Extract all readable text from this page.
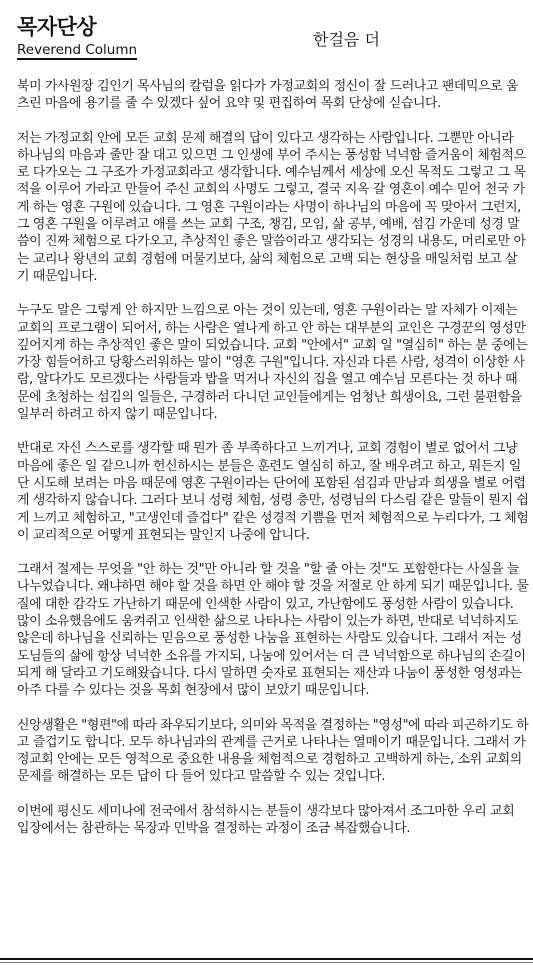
목자단상
Reverend Column
한걸음 더

북미 가사원장 김인기 목사님의 칼럼을 읽다가 가정교회의 정신이 잘 드러나고 팬데믹으로 움츠린 마음에 용기를 줄 수 있겠다 싶어 요약 및 편집하여 목회 단상에 싣습니다.

저는 가정교회 안에 모든 교회 문제 해결의 답이 있다고 생각하는 사람입니다. 그뿐만 아니라 하나님의 마음과 줄만 잘 대고 있으면 그 인생에 부어 주시는 풍성함 넉넉함 즐거움이 체험적으로 다가오는 그 구조가 가정교회라고 생각합니다. 예수님께서 세상에 오신 목적도 그렇고 그 목적을 이루어 가라고 만들어 주신 교회의 사명도 그렇고, 결국 지옥 갈 영혼이 예수 믿어 천국 가게 하는 영혼 구원에 있습니다. 그 영혼 구원이라는 사명이 하나님의 마음에 꼭 맞아서 그런지, 그 영혼 구원을 이루려고 애를 쓰는 교회 구조, 챙김, 모임, 삶 공부, 예배, 섬김 가운데 성경 말씀이 진짜 체험으로 다가오고, 추상적인 좋은 말씀이라고 생각되는 성경의 내용도, 머리로만 아는 교리나 왕년의 교회 경험에 머물기보다, 삶의 체험으로 고백 되는 현상을 매일처럼 보고 살기 때문입니다.

누구도 말은 그렇게 안 하지만 느낌으로 아는 것이 있는데, 영혼 구원이라는 말 자체가 이제는 교회의 프로그램이 되어서, 하는 사람은 열나게 하고 안 하는 대부분의 교인은 구경꾼의 영성만 깊어지게 하는 추상적인 좋은 말이 되었습니다. 교회 "안에서" 교회 일 "열심히" 하는 분 중에는 가장 힘들어하고 당황스러워하는 말이 "영혼 구원"입니다. 자신과 다른 사람, 성격이 이상한 사람, 알다가도 모르겠다는 사람들과 밥을 먹거나 자신의 집을 열고 예수님 모른다는 것 하나 때문에 초청하는 섬김의 일들은, 구경하러 다니던 교인들에게는 엄청난 희생이요, 그런 불편함을 일부러 하려고 하지 않기 때문입니다.

반대로 자신 스스로를 생각할 때 뭔가 좀 부족하다고 느끼거나, 교회 경험이 별로 없어서 그냥 마음에 좋은 일 같으니까 헌신하시는 분들은 훈련도 열심히 하고, 잘 배우려고 하고, 뭐든지 일단 시도해 보려는 마음 때문에 영혼 구원이라는 단어에 포함된 섬김과 만남과 희생을 별로 어렵게 생각하지 않습니다. 그러다 보니 성령 체험, 성령 충만, 성령님의 다스림 같은 말들이 뭔지 쉽게 느끼고 체험하고, "고생인데 즐겁다" 같은 성경적 기쁨을 먼저 체험적으로 누리다가, 그 체험이 교리적으로 어떻게 표현되는 말인지 나중에 압니다.

그래서 절제는 무엇을 "안 하는 것"만 아니라 할 것을 "할 줄 아는 것"도 포함한다는 사실을 늘 나누었습니다. 왜냐하면 해야 할 것을 하면 안 해야 할 것을 저절로 안 하게 되기 때문입니다. 물질에 대한 감각도 가난하기 때문에 인색한 사람이 있고, 가난함에도 풍성한 사람이 있습니다. 많이 소유했음에도 움켜쥐고 인색한 삶으로 나타나는 사람이 있는가 하면, 반대로 넉넉하지도 않은데 하나님을 신뢰하는 믿음으로 풍성한 나눔을 표현하는 사람도 있습니다. 그래서 저는 성도님들의 삶에 항상 넉넉한 소유를 가지되, 나눔에 있어서는 더 큰 넉넉함으로 하나님의 손길이 되게 해 달라고 기도해왔습니다. 다시 말하면 숫자로 표현되는 재산과 나눔이 풍성한 영성과는 아주 다를 수 있다는 것을 목회 현장에서 많이 보았기 때문입니다.

신앙생활은 "형편"에 따라 좌우되기보다, 의미와 목적을 결정하는 "영성"에 따라 피곤하기도 하고 즐겁기도 합니다. 모두 하나님과의 관계를 근거로 나타나는 열매이기 때문입니다. 그래서 가정교회 안에는 모든 영적으로 중요한 내용을 체험적으로 경험하고 고백하게 하는, 소위 교회의 문제를 해결하는 모든 답이 다 들어 있다고 말씀할 수 있는 것입니다.

이번에 평신도 세미나에 전국에서 참석하시는 분들이 생각보다 많아져서 조그마한 우리 교회 입장에서는 참관하는 목장과 민박을 결정하는 과정이 조금 복잡했습니다.
